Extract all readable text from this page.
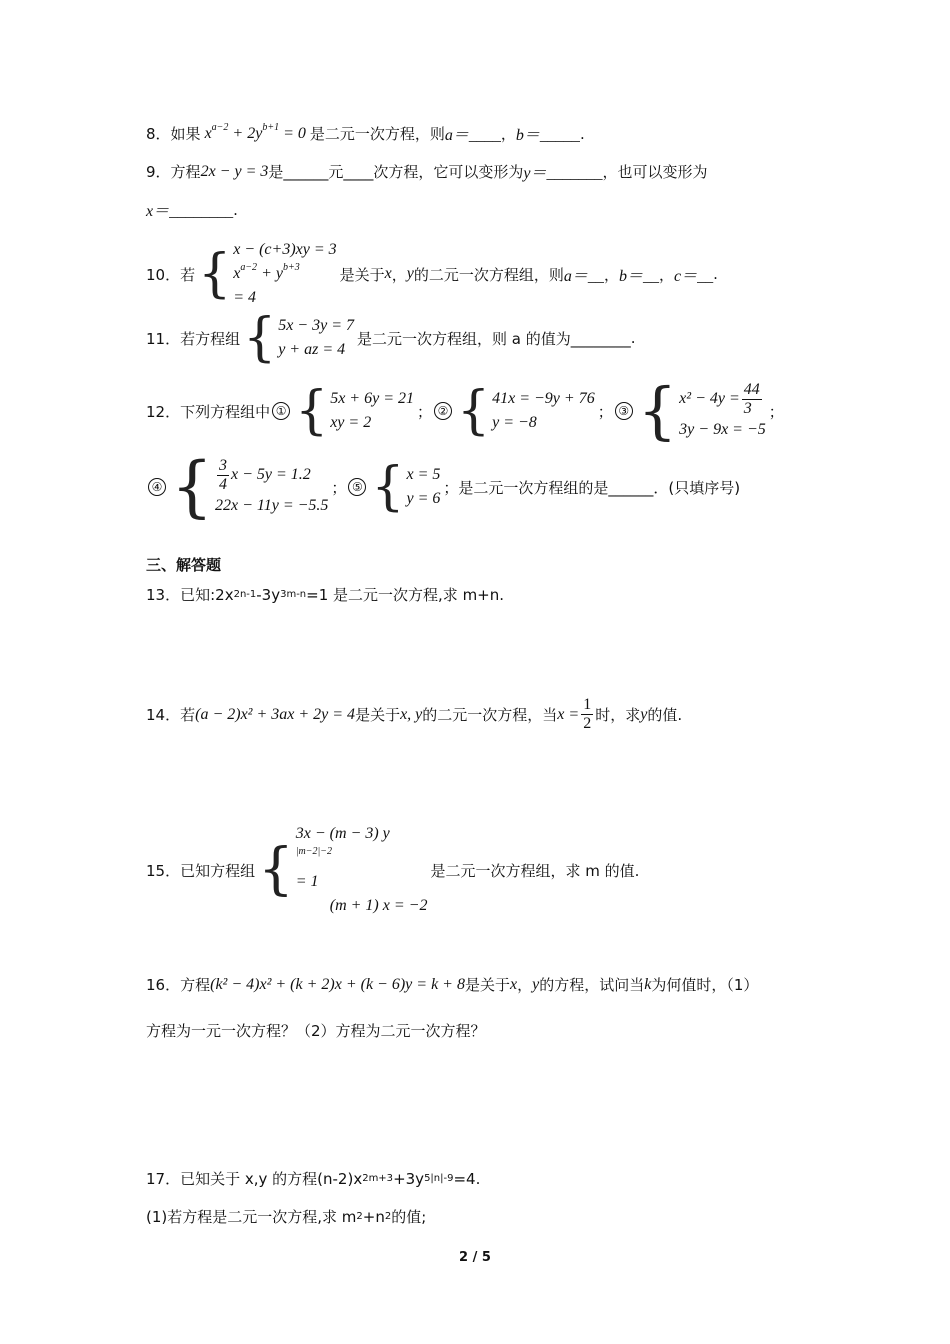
8． 如果 $x^{a-2} + 2y^{b+1} = 0$ 是二元一次方程，则 a＝____ ， b＝_____ .
9． 方程 2x − y = 3 是______元____次方程，它可以变形为 y＝_______ ，也可以变形为
x＝________ .
10． 若 { x − (c+3)xy = 3
$x^{a-2} + y^{b+3}$
= 4
是关于 x ， y 的二元一次方程组，则 a＝__ ， b＝__ ， c＝__ .
11． 若方程组 { 5x − 3y = 7
y + az = 4
是二元一次方程组，则 a 的值为________ .
12． 下列方程组中 ① { 5x + 6y = 21
xy = 2
； ② { 41x = −9y + 76
y = −8
； ③ { $x^2 - 4y = \frac{44}{3}$
3y − 9x = −5
；
④ { $\frac{3}{4}$ x − 5y = 1.2
22x − 11y = −5.5
； ⑤ { x = 5
y = 6
；是二元一次方程组的是______．(只填序号)
三、解答题
13． 已知:2x 2n-1 -3y 3m-n =1 是二元一次方程,求 m+n.
14． 若 (a − 2)x² + 3ax + 2y = 4 是关于 x, y 的二元一次方程，当 $x = \frac{1}{2}$ 时，求 y 的值.
15． 已知方程组 {
3x − (m − 3) y
$^{|m-2|-2}$
= 1
(m + 1) x = −2
是二元一次方程组，求 m 的值.
16． 方程 (k² − 4)x² + (k + 2)x + (k − 6)y = k + 8 是关于 x ， y 的方程，试问当 k 为何值时，（1）
方程为一元一次方程？（2）方程为二元一次方程？
17． 已知关于 x,y 的方程(n-2)x 2m+3 +3y 5|n|-9 =4.
(1)若方程是二元一次方程,求 m 2 +n 2 的值;
2 / 5
